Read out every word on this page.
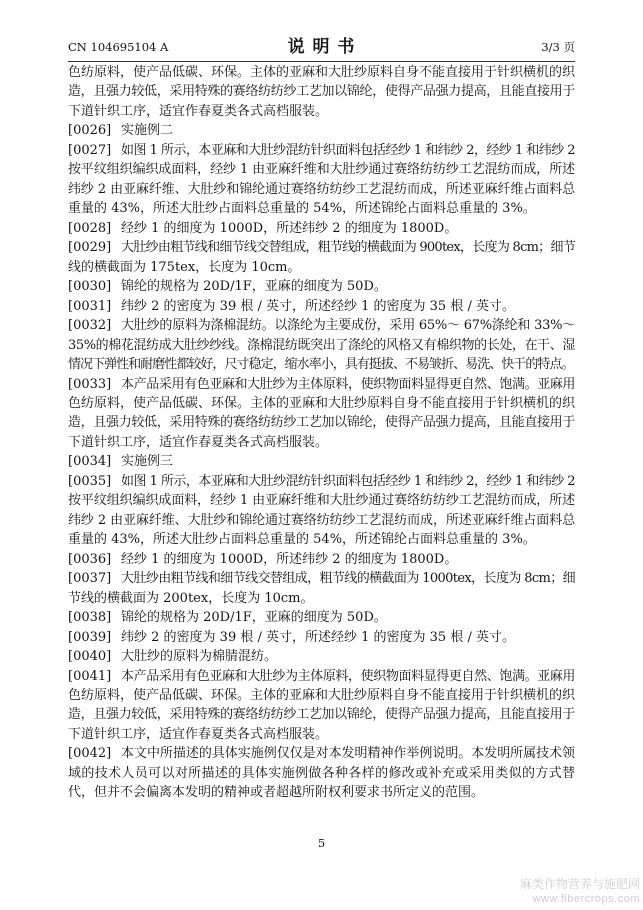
CN 104695104 A	说 明 书	3/3 页
色纺原料，使产品低碳、环保。主体的亚麻和大肚纱原料自身不能直接用于针织横机的织
造，且强力较低，采用特殊的赛络纺纺纱工艺加以锦纶，使得产品强力提高，且能直接用于
下道针织工序，适宜作春夏类各式高档服装。
[0026] 实施例二
[0027] 如图 1 所示，本亚麻和大肚纱混纺针织面料包括经纱 1 和纬纱 2，经纱 1 和纬纱 2
按平纹组织编织成面料，经纱 1 由亚麻纤维和大肚纱通过赛络纺纺纱工艺混纺而成，所述
纬纱 2 由亚麻纤维、大肚纱和锦纶通过赛络纺纺纱工艺混纺而成，所述亚麻纤维占面料总
重量的 43%，所述大肚纱占面料总重量的 54%，所述锦纶占面料总重量的 3%。
[0028] 经纱 1 的细度为 1000D，所述纬纱 2 的细度为 1800D。
[0029] 大肚纱由粗节线和细节线交替组成，粗节线的横截面为 900tex，长度为 8cm；细节
线的横截面为 175tex，长度为 10cm。
[0030] 锦纶的规格为 20D/1F，亚麻的细度为 50D。
[0031] 纬纱 2 的密度为 39 根 / 英寸，所述经纱 1 的密度为 35 根 / 英寸。
[0032] 大肚纱的原料为涤棉混纺。以涤纶为主要成份，采用 65%～ 67%涤纶和 33%～
35%的棉花混纺成大肚纱纱线。涤棉混纺既突出了涤纶的风格又有棉织物的长处，在干、湿
情况下弹性和耐磨性都较好，尺寸稳定，缩水率小，具有挺拔、不易皱折、易洗、快干的特点。
[0033] 本产品采用有色亚麻和大肚纱为主体原料，使织物面料显得更自然、饱满。亚麻用
色纺原料，使产品低碳、环保。主体的亚麻和大肚纱原料自身不能直接用于针织横机的织
造，且强力较低，采用特殊的赛络纺纺纱工艺加以锦纶，使得产品强力提高，且能直接用于
下道针织工序，适宜作春夏类各式高档服装。
[0034] 实施例三
[0035] 如图 1 所示，本亚麻和大肚纱混纺针织面料包括经纱 1 和纬纱 2，经纱 1 和纬纱 2
按平纹组织编织成面料，经纱 1 由亚麻纤维和大肚纱通过赛络纺纺纱工艺混纺而成，所述
纬纱 2 由亚麻纤维、大肚纱和锦纶通过赛络纺纺纱工艺混纺而成，所述亚麻纤维占面料总
重量的 43%，所述大肚纱占面料总重量的 54%，所述锦纶占面料总重量的 3%。
[0036] 经纱 1 的细度为 1000D，所述纬纱 2 的细度为 1800D。
[0037] 大肚纱由粗节线和细节线交替组成，粗节线的横截面为 1000tex，长度为 8cm；细
节线的横截面为 200tex，长度为 10cm。
[0038] 锦纶的规格为 20D/1F，亚麻的细度为 50D。
[0039] 纬纱 2 的密度为 39 根 / 英寸，所述经纱 1 的密度为 35 根 / 英寸。
[0040] 大肚纱的原料为棉腈混纺。
[0041] 本产品采用有色亚麻和大肚纱为主体原料，使织物面料显得更自然、饱满。亚麻用
色纺原料，使产品低碳、环保。主体的亚麻和大肚纱原料自身不能直接用于针织横机的织
造，且强力较低，采用特殊的赛络纺纺纱工艺加以锦纶，使得产品强力提高，且能直接用于
下道针织工序，适宜作春夏类各式高档服装。
[0042] 本文中所描述的具体实施例仅仅是对本发明精神作举例说明。本发明所属技术领
域的技术人员可以对所描述的具体实施例做各种各样的修改或补充或采用类似的方式替
代，但并不会偏离本发明的精神或者超越所附权利要求书所定义的范围。
5
麻类作物营养与施肥网
www.fibercrops.com
